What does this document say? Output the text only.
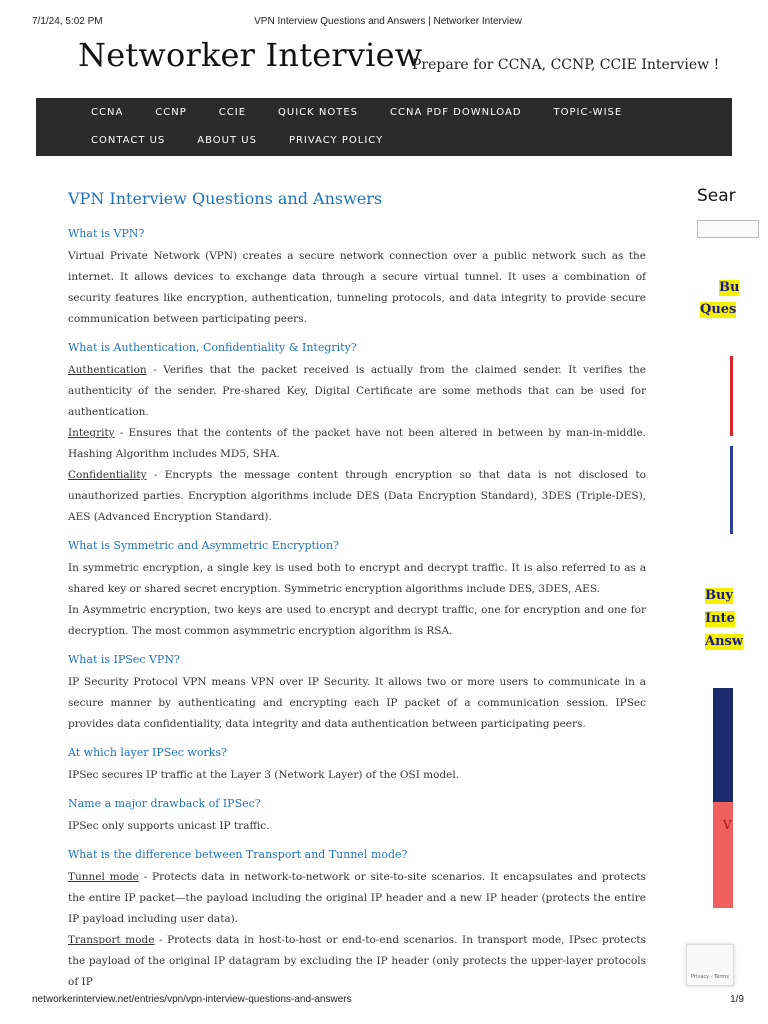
7/1/24, 5:02 PM	VPN Interview Questions and Answers | Networker Interview
Networker Interview
Prepare for CCNA, CCNP, CCIE Interview !
CCNA	CCNP	CCIE	QUICK NOTES	CCNA PDF DOWNLOAD	TOPIC-WISE
CONTACT US	ABOUT US	PRIVACY POLICY
VPN Interview Questions and Answers
What is VPN?

Virtual Private Network (VPN) creates a secure network connection over a public network such as the internet. It allows devices to exchange data through a secure virtual tunnel. It uses a combination of security features like encryption, authentication, tunneling protocols, and data integrity to provide secure communication between participating peers.

What is Authentication, Confidentiality & Integrity?

Authentication - Verifies that the packet received is actually from the claimed sender. It verifies the authenticity of the sender. Pre-shared Key, Digital Certificate are some methods that can be used for authentication.

Integrity - Ensures that the contents of the packet have not been altered in between by man-in-middle. Hashing Algorithm includes MD5, SHA.

Confidentiality - Encrypts the message content through encryption so that data is not disclosed to unauthorized parties. Encryption algorithms include DES (Data Encryption Standard), 3DES (Triple-DES), AES (Advanced Encryption Standard).

What is Symmetric and Asymmetric Encryption?

In symmetric encryption, a single key is used both to encrypt and decrypt traffic. It is also referred to as a shared key or shared secret encryption. Symmetric encryption algorithms include DES, 3DES, AES.

In Asymmetric encryption, two keys are used to encrypt and decrypt traffic, one for encryption and one for decryption. The most common asymmetric encryption algorithm is RSA.

What is IPSec VPN?

IP Security Protocol VPN means VPN over IP Security. It allows two or more users to communicate in a secure manner by authenticating and encrypting each IP packet of a communication session. IPSec provides data confidentiality, data integrity and data authentication between participating peers.

At which layer IPSec works?

IPSec secures IP traffic at the Layer 3 (Network Layer) of the OSI model.

Name a major drawback of IPSec?

IPSec only supports unicast IP traffic.

What is the difference between Transport and Tunnel mode?

Tunnel mode - Protects data in network-to-network or site-to-site scenarios. It encapsulates and protects the entire IP packet—the payload including the original IP header and a new IP header (protects the entire IP payload including user data).

Transport mode - Protects data in host-to-host or end-to-end scenarios. In transport mode, IPsec protects the payload of the original IP datagram by excluding the IP header (only protects the upper-layer protocols of IP

Sear
Bu
Ques
Buy
Inte
Answ
V
Privacy - Terms
networkerinterview.net/entries/vpn/vpn-interview-questions-and-answers	1/9
